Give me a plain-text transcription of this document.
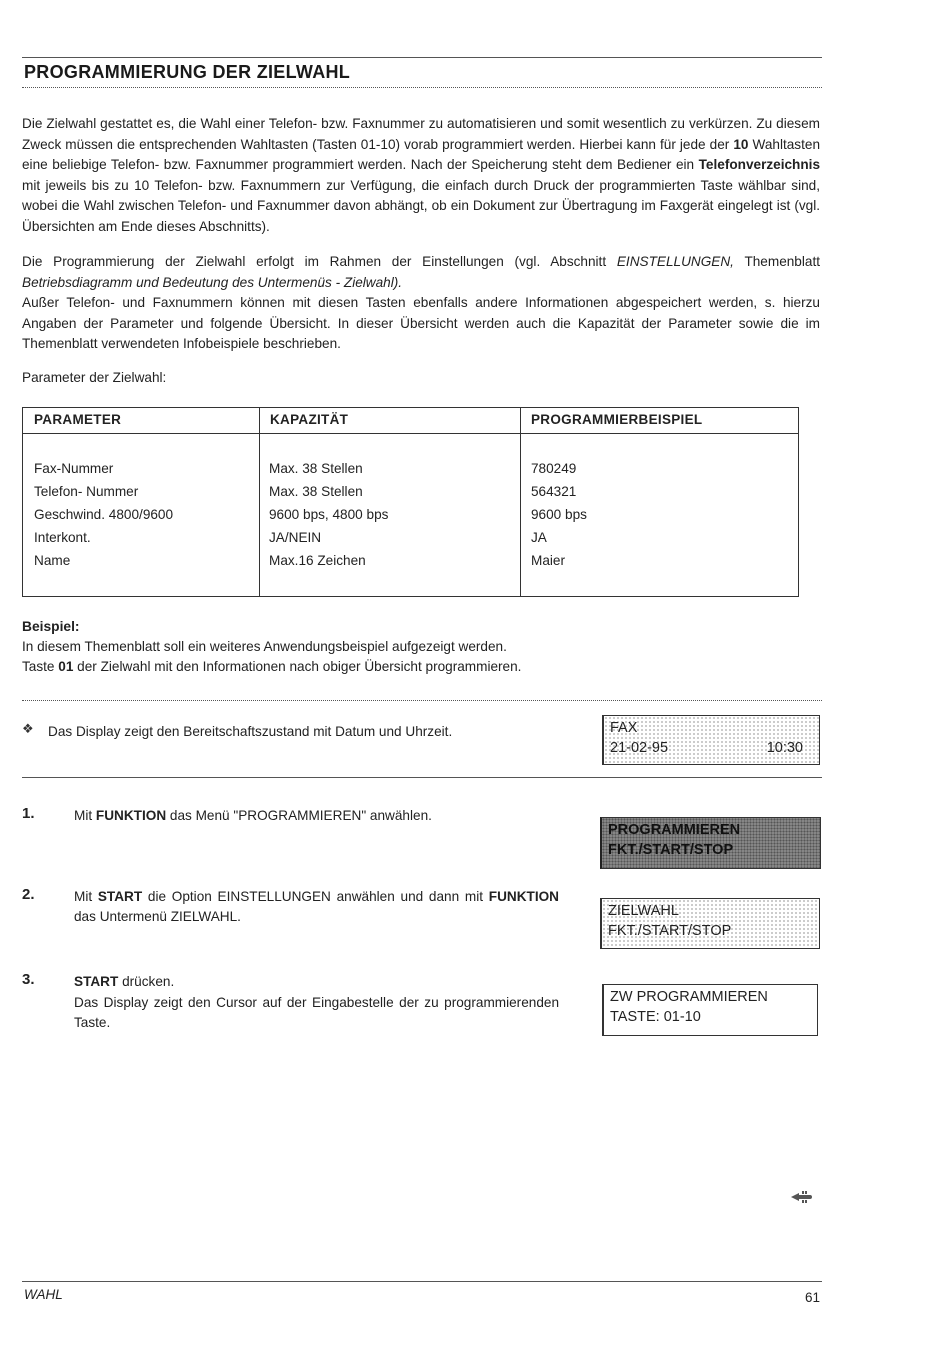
PROGRAMMIERUNG DER ZIELWAHL
Die Zielwahl gestattet es, die Wahl einer Telefon- bzw. Faxnummer zu automatisieren und somit wesentlich zu verkürzen. Zu diesem Zweck müssen die entsprechenden Wahltasten (Tasten 01-10) vorab programmiert werden. Hierbei kann für jede der 10 Wahltasten eine beliebige Telefon- bzw. Faxnummer programmiert werden. Nach der Speicherung steht dem Bediener ein Telefonverzeichnis mit jeweils bis zu 10 Telefon- bzw. Faxnummern zur Verfügung, die einfach durch Druck der programmierten Taste wählbar sind, wobei die Wahl zwischen Telefon- und Faxnummer davon abhängt, ob ein Dokument zur Übertragung im Faxgerät eingelegt ist (vgl. Übersichten am Ende dieses Abschnitts).
Die Programmierung der Zielwahl erfolgt im Rahmen der Einstellungen (vgl. Abschnitt EINSTELLUNGEN, Themenblatt Betriebsdiagramm und Bedeutung des Untermenüs - Zielwahl).
Außer Telefon- und Faxnummern können mit diesen Tasten ebenfalls andere Informationen abgespeichert werden, s. hierzu Angaben der Parameter und folgende Übersicht. In dieser Übersicht werden auch die Kapazität der Parameter sowie die im Themenblatt verwendeten Infobeispiele beschrieben.
Parameter der Zielwahl:
PARAMETER	KAPAZITÄT	PROGRAMMIERBEISPIEL
Fax-Nummer	Max. 38 Stellen	780249
Telefon- Nummer	Max. 38 Stellen	564321
Geschwind. 4800/9600	9600 bps, 4800 bps	9600 bps
Interkont.	JA/NEIN	JA
Name	Max.16 Zeichen	Maier
Beispiel:
In diesem Themenblatt soll ein weiteres Anwendungsbeispiel aufgezeigt werden.
Taste 01 der Zielwahl mit den Informationen nach obiger Übersicht programmieren.
❖ Das Display zeigt den Bereitschaftszustand mit Datum und Uhrzeit.	FAX
21-02-95	10:30
1.	Mit FUNKTION das Menü "PROGRAMMIEREN" anwählen.
PROGRAMMIEREN
FKT./START/STOP
2.	Mit START die Option EINSTELLUNGEN anwählen und dann mit FUNKTION das Untermenü ZIELWAHL.	ZIELWAHL
FKT./START/STOP
3.	START drücken.
Das Display zeigt den Cursor auf der Eingabestelle der zu programmierenden Taste.
ZW PROGRAMMIEREN
TASTE: 01-10
WAHL	61
